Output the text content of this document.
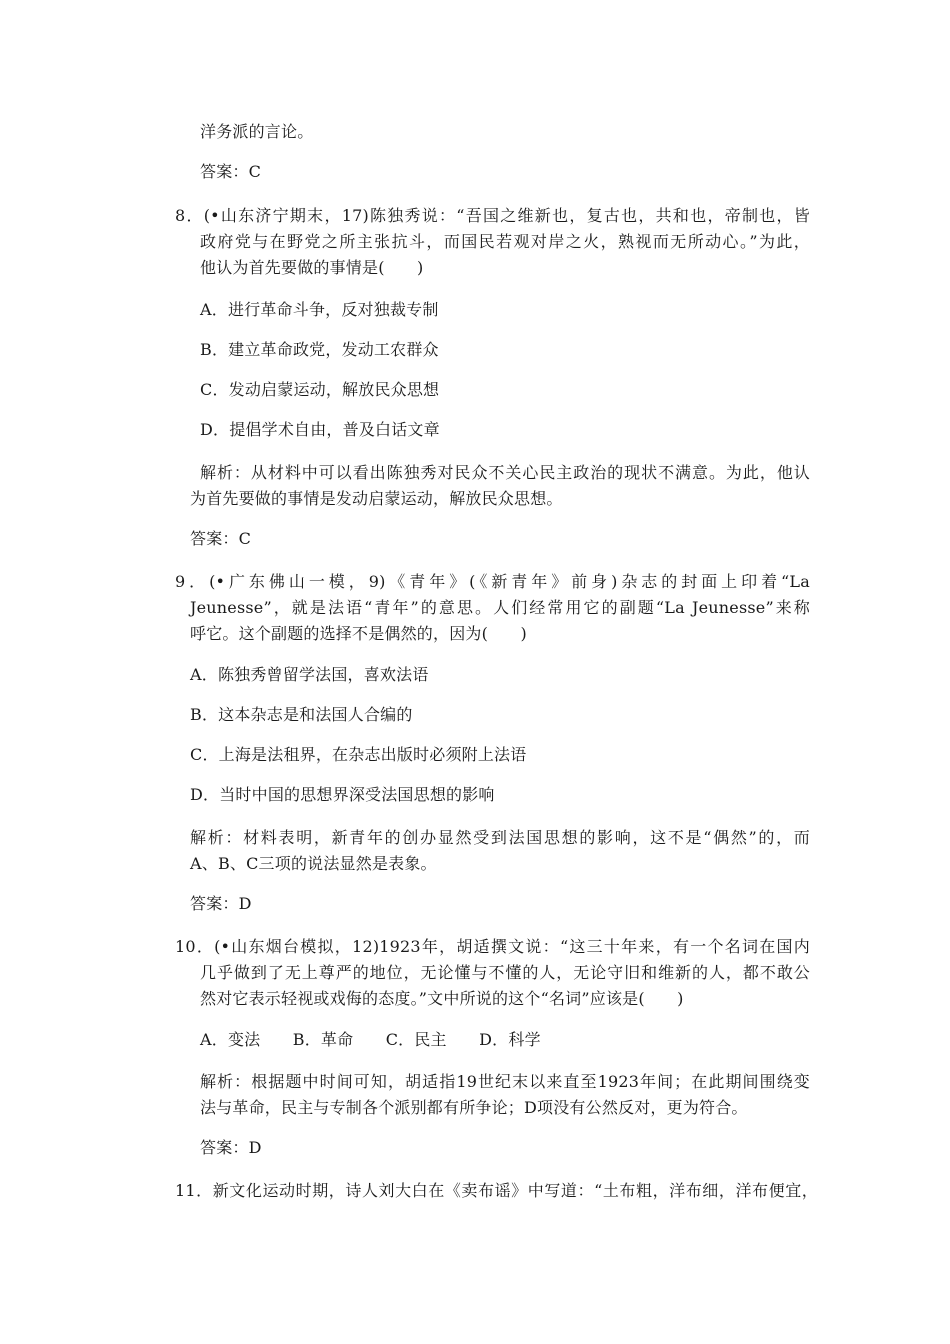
洋务派的言论。
答案：C
8．(•山东济宁期末，17)陈独秀说：“吾国之维新也，复古也，共和也，帝制也，皆
政府党与在野党之所主张抗斗，而国民若观对岸之火，熟视而无所动心。”为此，
他认为首先要做的事情是(　　)
A．进行革命斗争，反对独裁专制
B．建立革命政党，发动工农群众
C．发动启蒙运动，解放民众思想
D．提倡学术自由，普及白话文章
解析：从材料中可以看出陈独秀对民众不关心民主政治的现状不满意。为此，他认
为首先要做的事情是发动启蒙运动，解放民众思想。
答案：C
9．(•广东佛山一模，9)《青年》(《新青年》前身)杂志的封面上印着“La
Jeunesse”，就是法语“青年”的意思。人们经常用它的副题“La Jeunesse”来称
呼它。这个副题的选择不是偶然的，因为(　　)
A．陈独秀曾留学法国，喜欢法语
B．这本杂志是和法国人合编的
C．上海是法租界，在杂志出版时必须附上法语
D．当时中国的思想界深受法国思想的影响
解析：材料表明，新青年的创办显然受到法国思想的影响，这不是“偶然”的，而
A、B、C三项的说法显然是表象。
答案：D
10．(•山东烟台模拟，12)1923年，胡适撰文说：“这三十年来，有一个名词在国内
几乎做到了无上尊严的地位，无论懂与不懂的人，无论守旧和维新的人，都不敢公
然对它表示轻视或戏侮的态度。”文中所说的这个“名词”应该是(　　)
A．变法　　B．革命　　C．民主　　D．科学
解析：根据题中时间可知，胡适指19世纪末以来直至1923年间；在此期间围绕变
法与革命，民主与专制各个派别都有所争论；D项没有公然反对，更为符合。
答案：D
11．新文化运动时期，诗人刘大白在《卖布谣》中写道：“土布粗，洋布细，洋布便宜，
